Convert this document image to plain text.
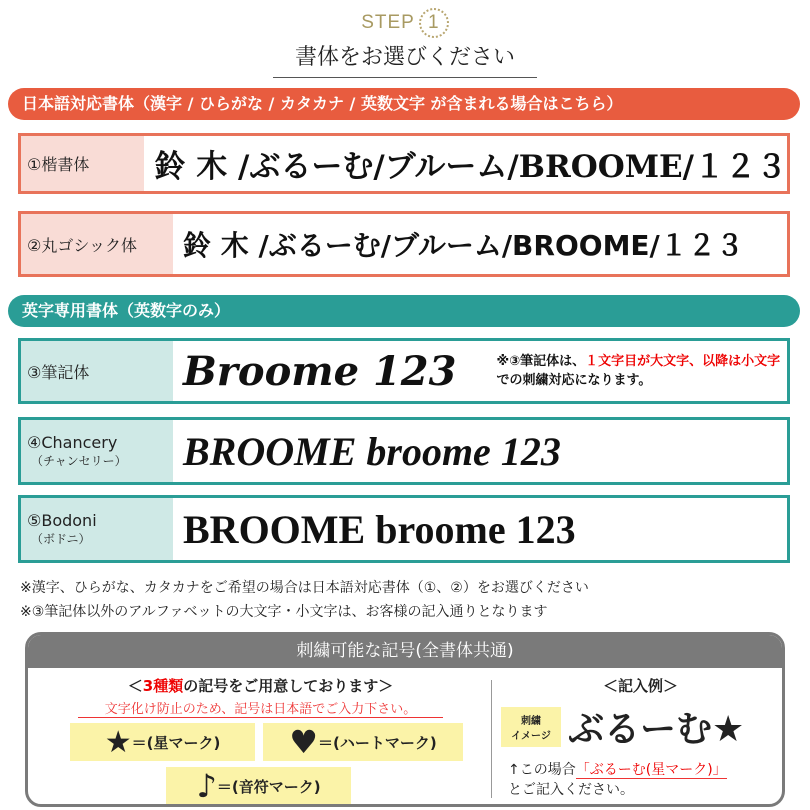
STEP 1
書体をお選びください
日本語対応書体（漢字 / ひらがな / カタカナ / 英数文字 が含まれる場合はこちら）
①楷書体	鈴 木 /ぶるーむ/ブルーム/BROOME/１２３
②丸ゴシック体	鈴 木 /ぶるーむ/ブルーム/BROOME/１２３
英字専用書体（英数字のみ）
③筆記体	Broome 123	※③筆記体は、１文字目が大文字、以降は小文字での刺繍対応になります。
④Chancery
（チャンセリー）	BROOME broome 123
⑤Bodoni
（ボドニ）	BROOME broome 123
※漢字、ひらがな、カタカナをご希望の場合は日本語対応書体（①、②）をお選びください
※③筆記体以外のアルファベットの大文字・小文字は、お客様の記入通りとなります
刺繍可能な記号(全書体共通)
＜3種類の記号をご用意しております＞
文字化け防止のため、記号は日本語でご入力下さい。
★ ＝(星マーク) ♥ ＝(ハートマーク)
♪ ＝(音符マーク)
＜記入例＞
刺繍
イメージ ぶるーむ★
↑この場合「ぶるーむ(星マーク)」
とご記入ください。
